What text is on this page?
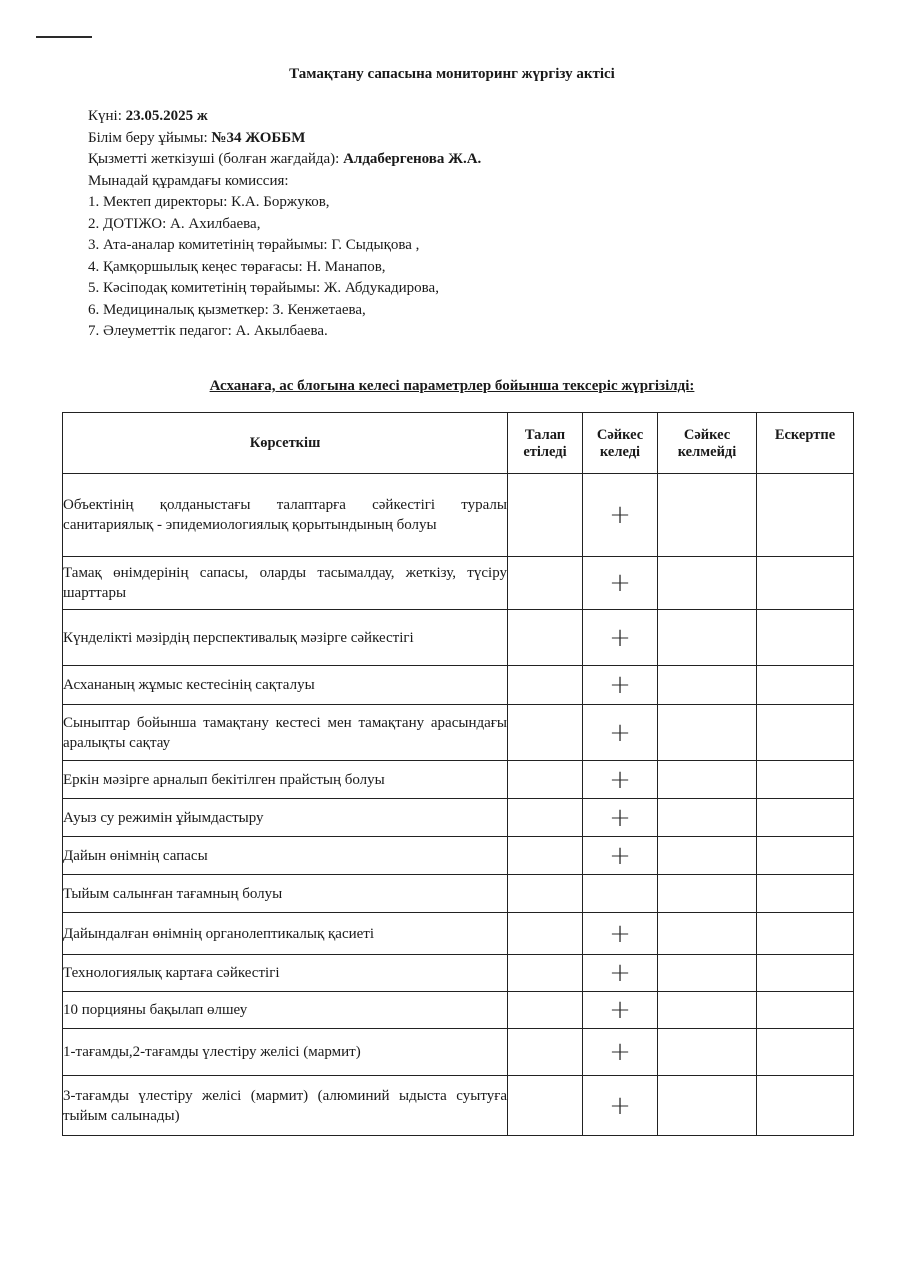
Тамақтану сапасына мониторинг жүргізу актісі
Күні: 23.05.2025 ж
Білім беру ұйымы: №34 ЖОББМ
Қызметті жеткізуші (болған жағдайда): Алдабергенова Ж.А.
Мынадай құрамдағы комиссия:
1. Мектеп директоры: К.А. Боржуков,
2. ДОТІЖО: А. Ахилбаева,
3. Ата-аналар комитетінің төрайымы: Г. Сыдықова ,
4. Қамқоршылық кеңес төрағасы: Н. Манапов,
5. Кәсіподақ комитетінің төрайымы: Ж. Абдукадирова,
6. Медициналық қызметкер: З. Кенжетаева,
7. Әлеуметтік педагог: А. Акылбаева.
Асханаға, ас блогына келесі параметрлер бойынша тексеріс жүргізілді:
Көрсеткіш	Талап етіледі	Сәйкес келеді	Сәйкес келмейді	Ескертпе
Объектінің қолданыстағы талаптарға сәйкестігі туралы санитариялық - эпидемиологиялық қорытындының болуы		+		
Тамақ өнімдерінің сапасы, оларды тасымалдау, жеткізу, түсіру шарттары		+		
Күнделікті мәзірдің перспективалық мәзірге сәйкестігі		+		
Асхананың жұмыс кестесінің сақталуы		+		
Сыныптар бойынша тамақтану кестесі мен тамақтану арасындағы аралықты сақтау		+		
Еркін мәзірге арналып бекітілген прайстың болуы		+		
Ауыз су режимін ұйымдастыру		+		
Дайын өнімнің сапасы		+		
Тыйым салынған тағамның болуы				
Дайындалған өнімнің органолептикалық қасиеті		+		
Технологиялық картаға сәйкестігі		+		
10 порцияны бақылап өлшеу		+		
1-тағамды,2-тағамды үлестіру желісі (мармит)		+		
3-тағамды үлестіру желісі (мармит) (алюминий ыдыста суытуға тыйым салынады)		+		
